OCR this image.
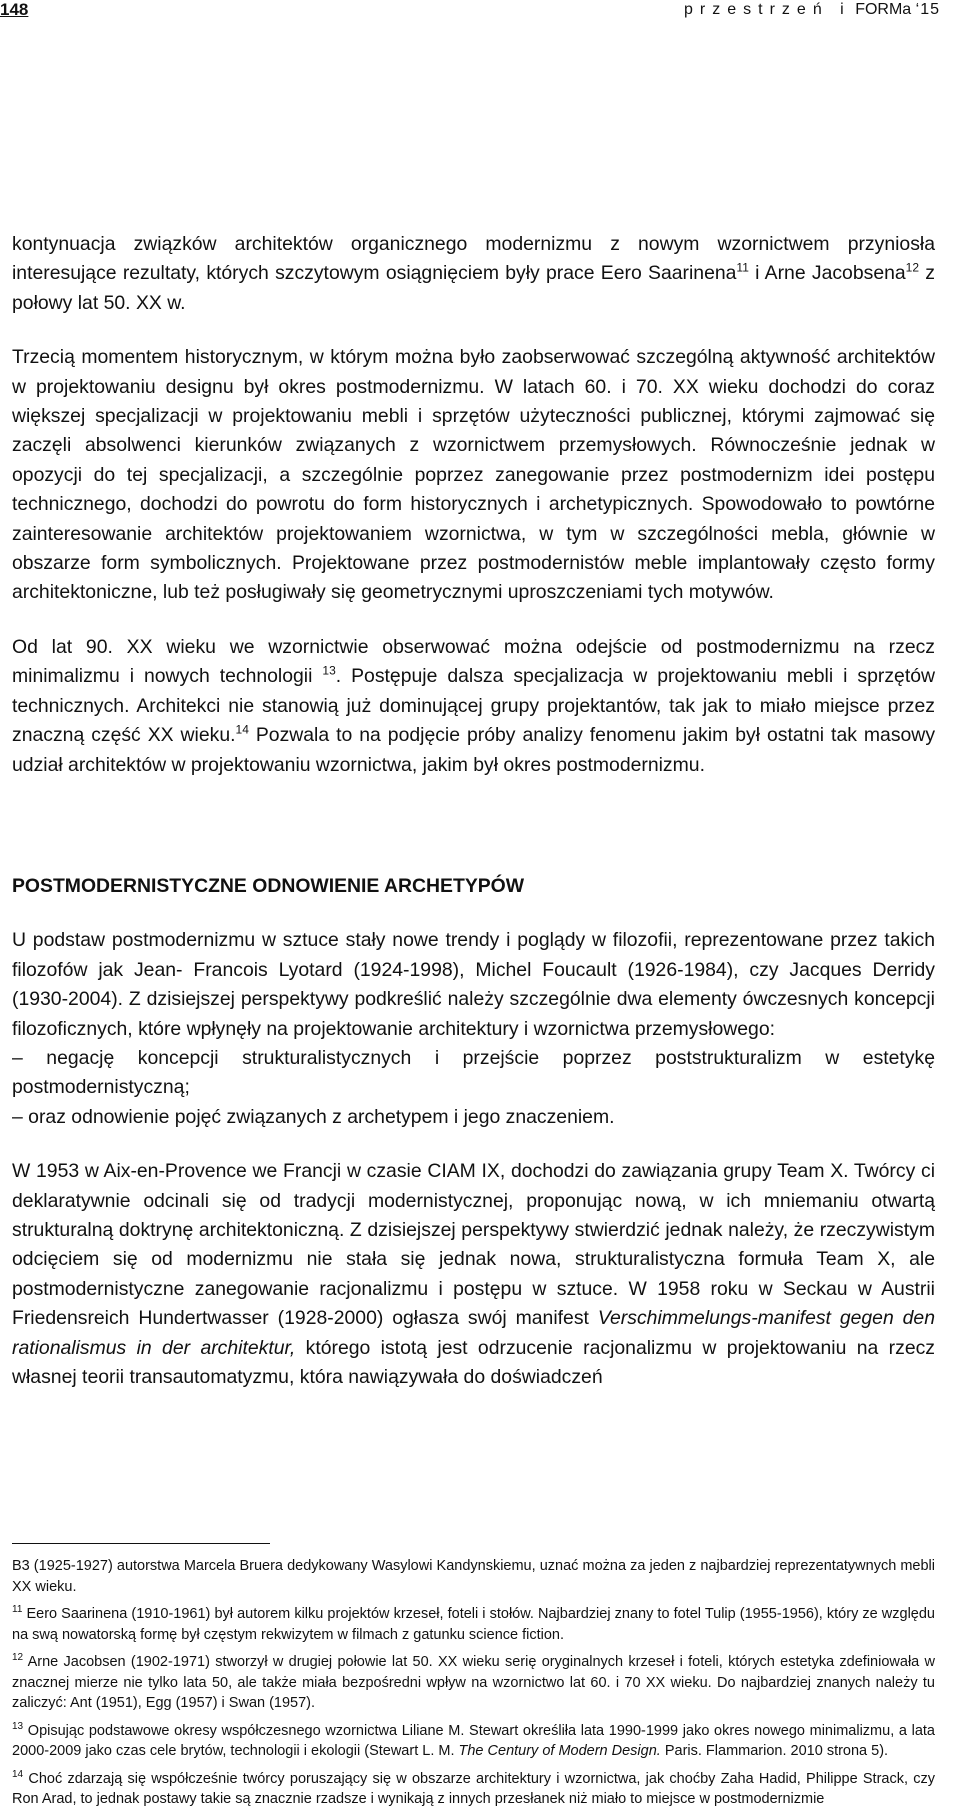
148	przestrzeń i FORMa ‘15

kontynuacja związków architektów organicznego modernizmu z nowym wzornictwem przyniosła interesujące rezultaty, których szczytowym osiągnięciem były prace Eero Saarinena$^{11}$ i Arne Jacobsena$^{12}$ z połowy lat 50. XX w.

Trzecią momentem historycznym, w którym można było zaobserwować szczególną aktywność architektów w projektowaniu designu był okres postmodernizmu. W latach 60. i 70. XX wieku dochodzi do coraz większej specjalizacji w projektowaniu mebli i sprzętów użyteczności publicznej, którymi zajmować się zaczęli absolwenci kierunków związanych z wzornictwem przemysłowych. Równocześnie jednak w opozycji do tej specjalizacji, a szczególnie poprzez zanegowanie przez postmodernizm idei postępu technicznego, dochodzi do powrotu do form historycznych i archetypicznych. Spowodowało to powtórne zainteresowanie architektów projektowaniem wzornictwa, w tym w szczególności mebla, głównie w obszarze form symbolicznych. Projektowane przez postmodernistów meble implantowały często formy architektoniczne, lub też posługiwały się geometrycznymi uproszczeniami tych motywów.

Od lat 90. XX wieku we wzornictwie obserwować można odejście od postmodernizmu na rzecz minimalizmu i nowych technologii $^{13}$. Postępuje dalsza specjalizacja w projektowaniu mebli i sprzętów technicznych. Architekci nie stanowią już dominującej grupy projektantów, tak jak to miało miejsce przez znaczną część XX wieku.$^{14}$ Pozwala to na podjęcie próby analizy fenomenu jakim był ostatni tak masowy udział architektów w projektowaniu wzornictwa, jakim był okres postmodernizmu.

POSTMODERNISTYCZNE ODNOWIENIE ARCHETYPÓW

U podstaw postmodernizmu w sztuce stały nowe trendy i poglądy w filozofii, reprezentowane przez takich filozofów jak Jean- Francois Lyotard (1924-1998), Michel Foucault (1926-1984), czy Jacques Derridy (1930-2004). Z dzisiejszej perspektywy podkreślić należy szczególnie dwa elementy ówczesnych koncepcji filozoficznych, które wpłynęły na projektowanie architektury i wzornictwa przemysłowego:

– negację koncepcji strukturalistycznych i przejście poprzez poststrukturalizm w estetykę postmodernistyczną;

– oraz odnowienie pojęć związanych z archetypem i jego znaczeniem.

W 1953 w Aix-en-Provence we Francji w czasie CIAM IX, dochodzi do zawiązania grupy Team X. Twórcy ci deklaratywnie odcinali się od tradycji modernistycznej, proponując nową, w ich mniemaniu otwartą strukturalną doktrynę architektoniczną. Z dzisiejszej perspektywy stwierdzić jednak należy, że rzeczywistym odcięciem się od modernizmu nie stała się jednak nowa, strukturalistyczna formuła Team X, ale postmodernistyczne zanegowanie racjonalizmu i postępu w sztuce. W 1958 roku w Seckau w Austrii Friedensreich Hundertwasser (1928-2000) ogłasza swój manifest Verschimmelungs-manifest gegen den rationalismus in der architektur, którego istotą jest odrzucenie racjonalizmu w projektowaniu na rzecz własnej teorii transautomatyzmu, która nawiązywała do doświadczeń

B3 (1925-1927) autorstwa Marcela Bruera dedykowany Wasylowi Kandynskiemu, uznać można za jeden z najbardziej reprezentatywnych mebli XX wieku.

$^{11}$ Eero Saarinena (1910-1961) był autorem kilku projektów krzeseł, foteli i stołów. Najbardziej znany to fotel Tulip (1955-1956), który ze względu na swą nowatorską formę był częstym rekwizytem w filmach z gatunku science fiction.

$^{12}$ Arne Jacobsen (1902-1971) stworzył w drugiej połowie lat 50. XX wieku serię oryginalnych krzeseł i foteli, których estetyka zdefiniowała w znacznej mierze nie tylko lata 50, ale także miała bezpośredni wpływ na wzornictwo lat 60. i 70 XX wieku. Do najbardziej znanych należy tu zaliczyć: Ant (1951), Egg (1957) i Swan (1957).

$^{13}$ Opisując podstawowe okresy współczesnego wzornictwa Liliane M. Stewart określiła lata 1990-1999 jako okres nowego minimalizmu, a lata 2000-2009 jako czas cele brytów, technologii i ekologii (Stewart L. M. The Century of Modern Design. Paris. Flammarion. 2010 strona 5).

$^{14}$ Choć zdarzają się współcześnie twórcy poruszający się w obszarze architektury i wzornictwa, jak choćby Zaha Hadid, Philippe Strack, czy Ron Arad, to jednak postawy takie są znacznie rzadsze i wynikają z innych przesłanek niż miało to miejsce w postmodernizmie
